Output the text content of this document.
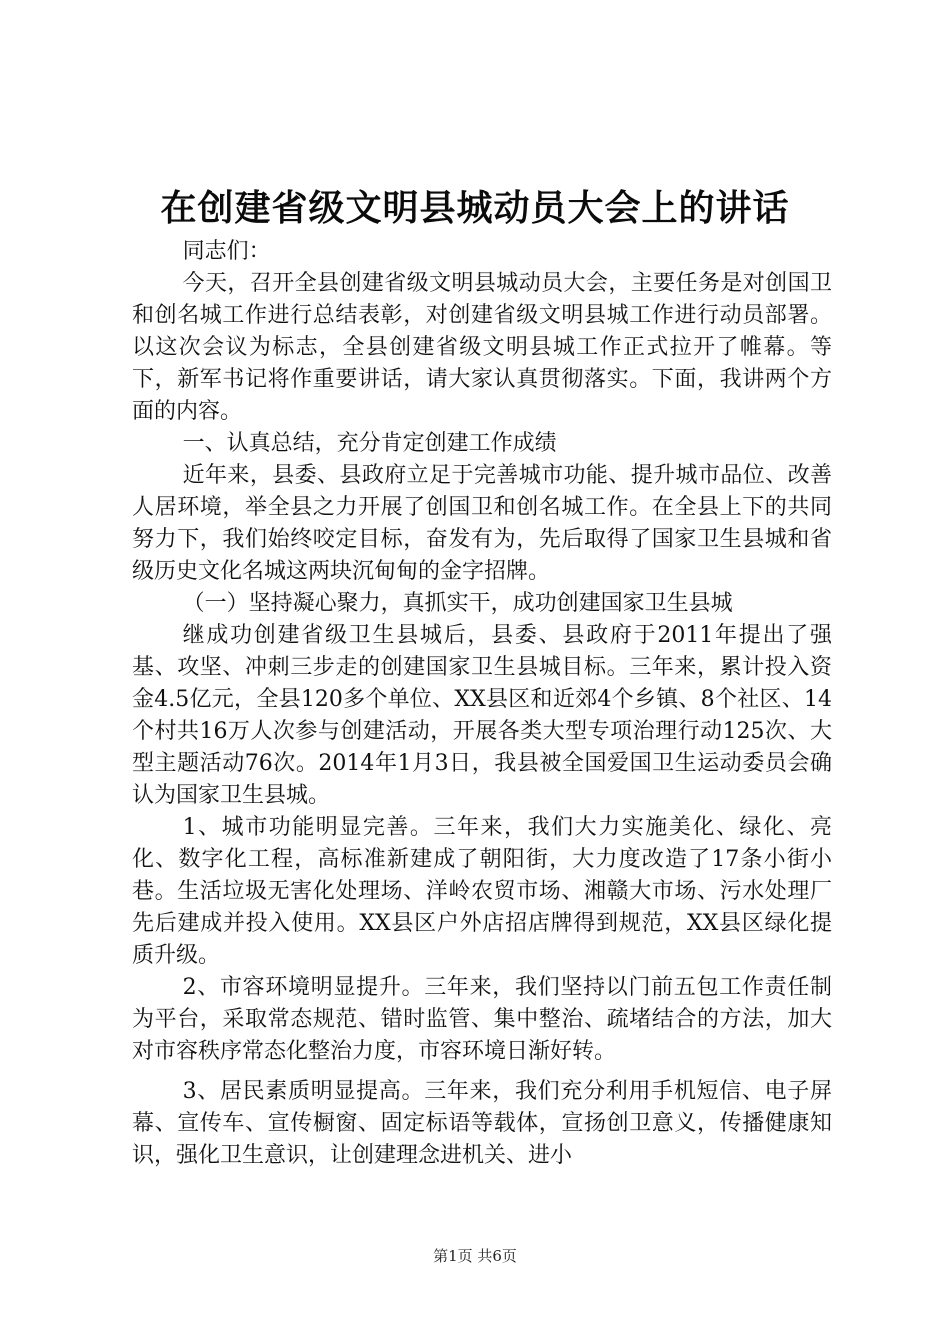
在创建省级文明县城动员大会上的讲话

同志们：

今天，召开全县创建省级文明县城动员大会，主要任务是对创国卫和创名城工作进行总结表彰，对创建省级文明县城工作进行动员部署。以这次会议为标志，全县创建省级文明县城工作正式拉开了帷幕。等下，新军书记将作重要讲话，请大家认真贯彻落实。下面，我讲两个方面的内容。

一、认真总结，充分肯定创建工作成绩

近年来，县委、县政府立足于完善城市功能、提升城市品位、改善人居环境，举全县之力开展了创国卫和创名城工作。在全县上下的共同努力下，我们始终咬定目标，奋发有为，先后取得了国家卫生县城和省级历史文化名城这两块沉甸甸的金字招牌。

（一）坚持凝心聚力，真抓实干，成功创建国家卫生县城

继成功创建省级卫生县城后，县委、县政府于2011年提出了强基、攻坚、冲刺三步走的创建国家卫生县城目标。三年来，累计投入资金4.5亿元，全县120多个单位、XX县区和近郊4个乡镇、8个社区、14个村共16万人次参与创建活动，开展各类大型专项治理行动125次、大型主题活动76次。2014年1月3日，我县被全国爱国卫生运动委员会确认为国家卫生县城。

1、城市功能明显完善。三年来，我们大力实施美化、绿化、亮化、数字化工程，高标准新建成了朝阳街，大力度改造了17条小街小巷。生活垃圾无害化处理场、洋岭农贸市场、湘赣大市场、污水处理厂先后建成并投入使用。XX县区户外店招店牌得到规范，XX县区绿化提质升级。

2、市容环境明显提升。三年来，我们坚持以门前五包工作责任制为平台，采取常态规范、错时监管、集中整治、疏堵结合的方法，加大对市容秩序常态化整治力度，市容环境日渐好转。

3、居民素质明显提高。三年来，我们充分利用手机短信、电子屏幕、宣传车、宣传橱窗、固定标语等载体，宣扬创卫意义，传播健康知识，强化卫生意识，让创建理念进机关、进小

第1页 共6页
